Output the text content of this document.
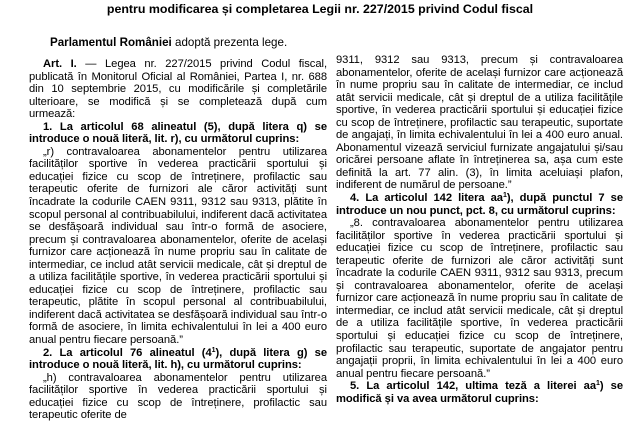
pentru modificarea și completarea Legii nr. 227/2015 privind Codul fiscal
Parlamentul României adoptă prezenta lege.

Art. I. — Legea nr. 227/2015 privind Codul fiscal, publicată în Monitorul Oficial al României, Partea I, nr. 688 din 10 septembrie 2015, cu modificările și completările ulterioare, se modifică și se completează după cum urmează:

1. La articolul 68 alineatul (5), după litera q) se introduce o nouă literă, lit. r), cu următorul cuprins:

„r) contravaloarea abonamentelor pentru utilizarea facilităților sportive în vederea practicării sportului și educației fizice cu scop de întreținere, profilactic sau terapeutic oferite de furnizori ale căror activități sunt încadrate la codurile CAEN 9311, 9312 sau 9313, plătite în scopul personal al contribuabilului, indiferent dacă activitatea se desfășoară individual sau într-o formă de asociere, precum și contravaloarea abonamentelor, oferite de același furnizor care acționează în nume propriu sau în calitate de intermediar, ce includ atât servicii medicale, cât și dreptul de a utiliza facilitățile sportive, în vederea practicării sportului și educației fizice cu scop de întreținere, profilactic sau terapeutic, plătite în scopul personal al contribuabilului, indiferent dacă activitatea se desfășoară individual sau într-o formă de asociere, în limita echivalentului în lei a 400 euro anual pentru fiecare persoană.”

2. La articolul 76 alineatul $(4^1)$, după litera g) se introduce o nouă literă, lit. h), cu următorul cuprins:

„h) contravaloarea abonamentelor pentru utilizarea facilităților sportive în vederea practicării sportului și educației fizice cu scop de întreținere, profilactic sau terapeutic oferite de

9311, 9312 sau 9313, precum și contravaloarea abonamentelor, oferite de același furnizor care acționează în nume propriu sau în calitate de intermediar, ce includ atât servicii medicale, cât și dreptul de a utiliza facilitățile sportive, în vederea practicării sportului și educației fizice cu scop de întreținere, profilactic sau terapeutic, suportate de angajați, în limita echivalentului în lei a 400 euro anual. Abonamentul vizează serviciul furnizate angajatului și/sau oricărei persoane aflate în întreținerea sa, așa cum este definită la art. 77 alin. (3), în limita aceluiași plafon, indiferent de numărul de persoane.”

4. La articolul 142 litera $aa^1$), după punctul 7 se introduce un nou punct, pct. 8, cu următorul cuprins:

„8. contravaloarea abonamentelor pentru utilizarea facilităților sportive în vederea practicării sportului și educației fizice cu scop de întreținere, profilactic sau terapeutic oferite de furnizori ale căror activități sunt încadrate la codurile CAEN 9311, 9312 sau 9313, precum și contravaloarea abonamentelor, oferite de același furnizor care acționează în nume propriu sau în calitate de intermediar, ce includ atât servicii medicale, cât și dreptul de a utiliza facilitățile sportive, în vederea practicării sportului și educației fizice cu scop de întreținere, profilactic sau terapeutic, suportate de angajator pentru angajații proprii, în limita echivalentului în lei a 400 euro anual pentru fiecare persoană.”

5. La articolul 142, ultima teză a literei $aa^1$) se modifică și va avea următorul cuprins:
